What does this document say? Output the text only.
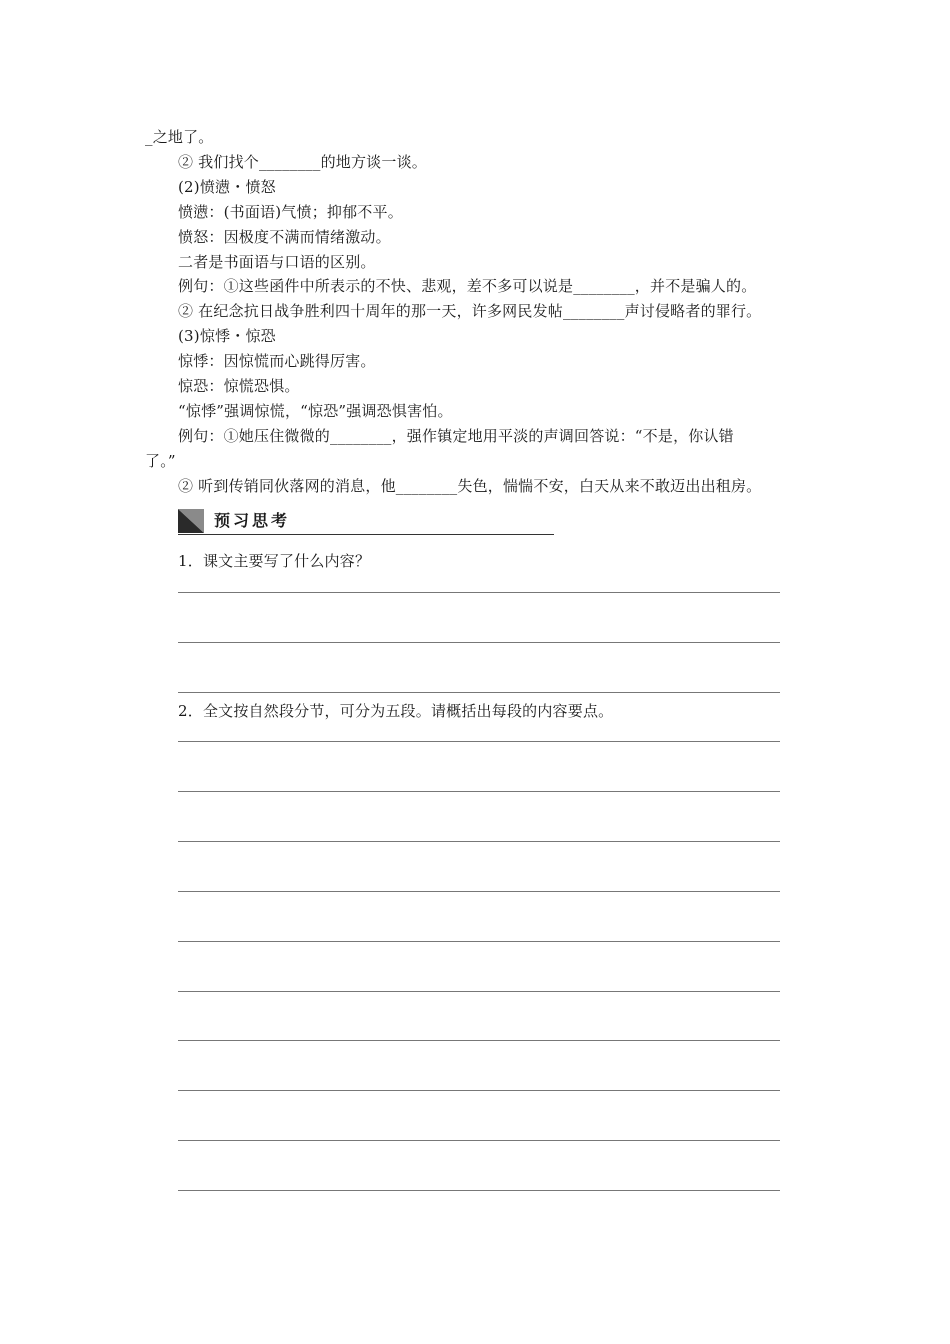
_之地了。
② 我们找个________的地方谈一谈。
(2)愤懑・愤怒
愤懑：(书面语)气愤；抑郁不平。
愤怒：因极度不满而情绪激动。
二者是书面语与口语的区别。
例句：①这些函件中所表示的不快、悲观，差不多可以说是________，并不是骗人的。
② 在纪念抗日战争胜利四十周年的那一天，许多网民发帖________声讨侵略者的罪行。
(3)惊悸・惊恐
惊悸：因惊慌而心跳得厉害。
惊恐：惊慌恐惧。
“惊悸”强调惊慌，“惊恐”强调恐惧害怕。
例句：①她压住微微的________，强作镇定地用平淡的声调回答说：“不是，你认错
了。”
② 听到传销同伙落网的消息，他________失色，惴惴不安，白天从来不敢迈出出租房。
预习思考
1．课文主要写了什么内容？
2．全文按自然段分节，可分为五段。请概括出每段的内容要点。
